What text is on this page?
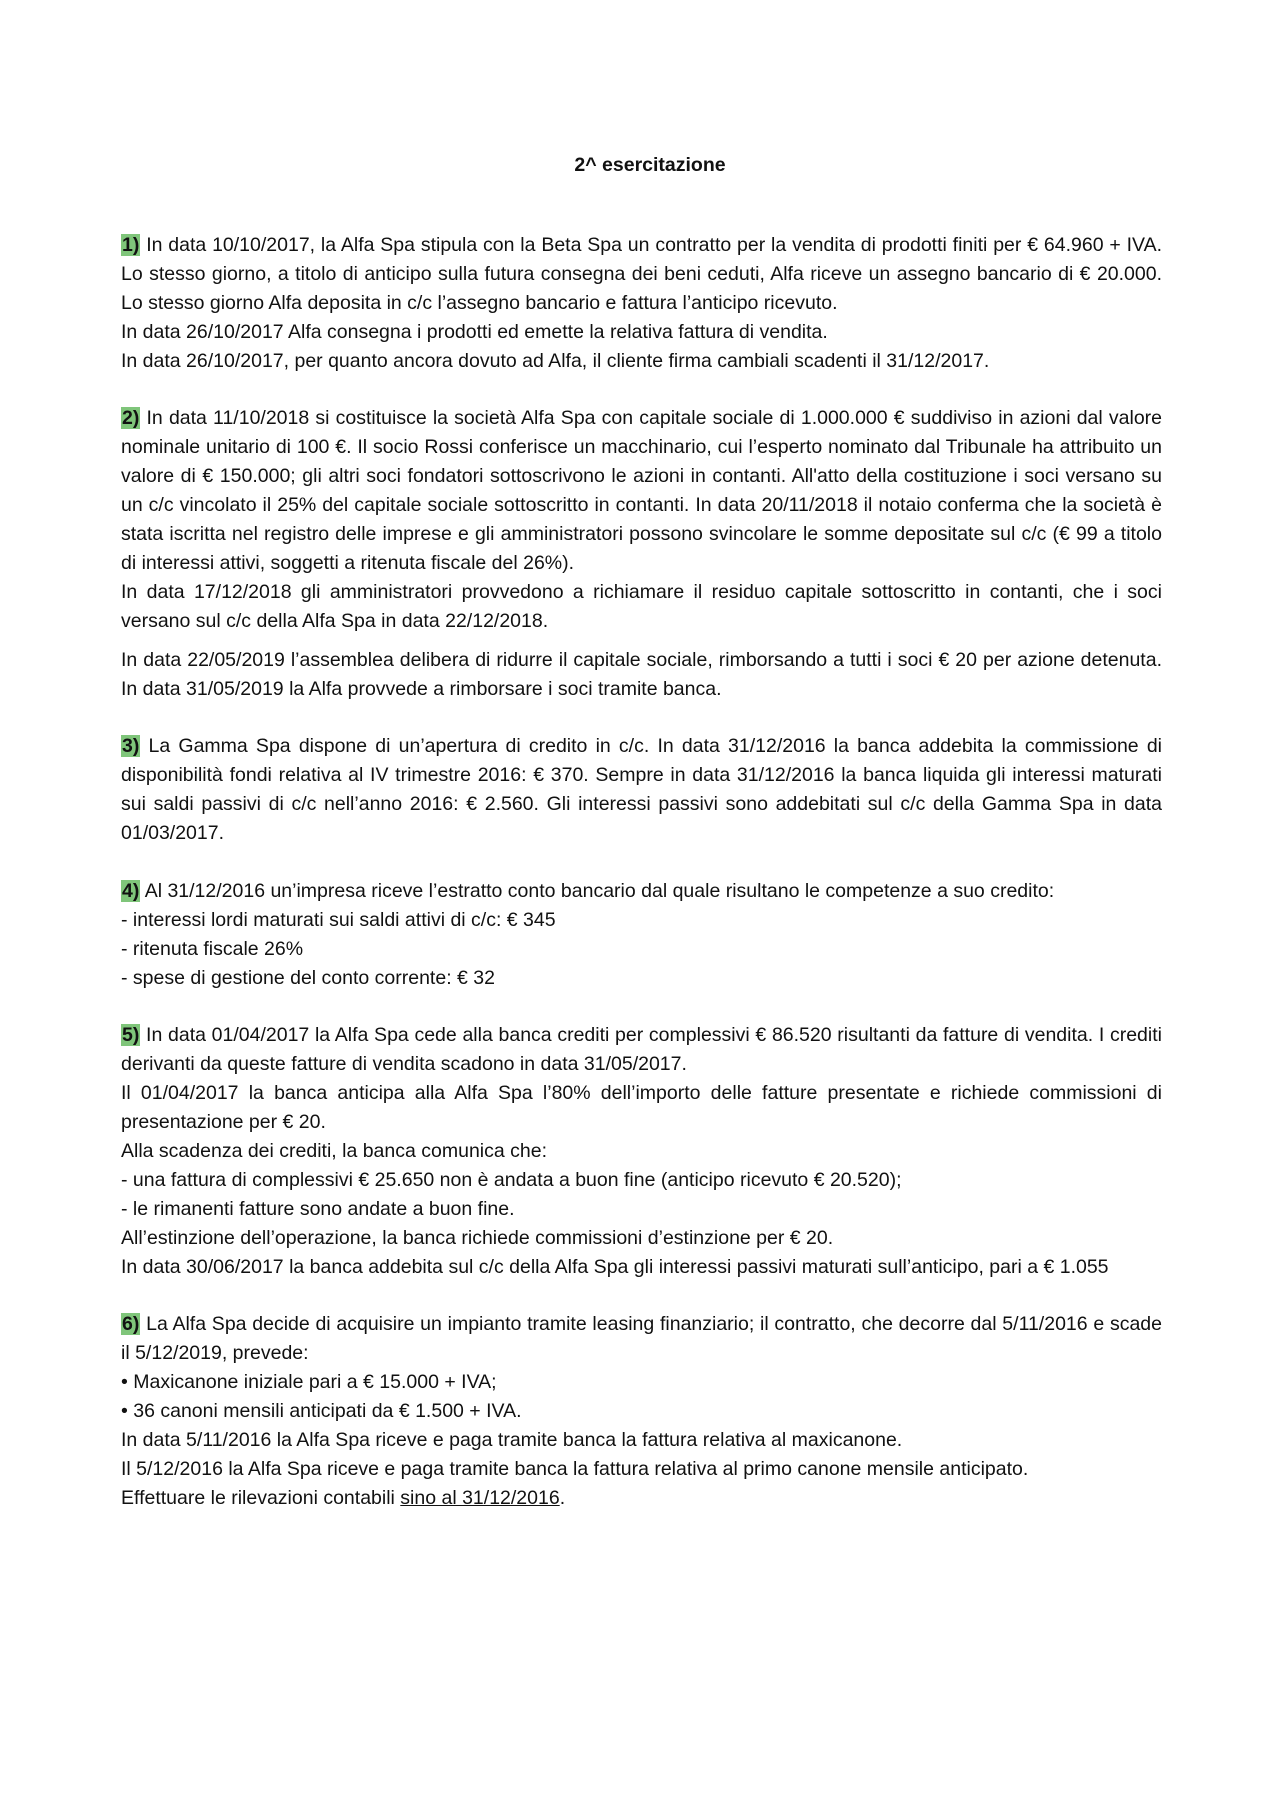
2^ esercitazione

1) In data 10/10/2017, la Alfa Spa stipula con la Beta Spa un contratto per la vendita di prodotti finiti per € 64.960 + IVA. Lo stesso giorno, a titolo di anticipo sulla futura consegna dei beni ceduti, Alfa riceve un assegno bancario di € 20.000. Lo stesso giorno Alfa deposita in c/c l’assegno bancario e fattura l’anticipo ricevuto.

In data 26/10/2017 Alfa consegna i prodotti ed emette la relativa fattura di vendita.

In data 26/10/2017, per quanto ancora dovuto ad Alfa, il cliente firma cambiali scadenti il 31/12/2017.

2) In data 11/10/2018 si costituisce la società Alfa Spa con capitale sociale di 1.000.000 € suddiviso in azioni dal valore nominale unitario di 100 €. Il socio Rossi conferisce un macchinario, cui l’esperto nominato dal Tribunale ha attribuito un valore di € 150.000; gli altri soci fondatori sottoscrivono le azioni in contanti. All'atto della costituzione i soci versano su un c/c vincolato il 25% del capitale sociale sottoscritto in contanti. In data 20/11/2018 il notaio conferma che la società è stata iscritta nel registro delle imprese e gli amministratori possono svincolare le somme depositate sul c/c (€ 99 a titolo di interessi attivi, soggetti a ritenuta fiscale del 26%).

In data 17/12/2018 gli amministratori provvedono a richiamare il residuo capitale sottoscritto in contanti, che i soci versano sul c/c della Alfa Spa in data 22/12/2018.

In data 22/05/2019 l’assemblea delibera di ridurre il capitale sociale, rimborsando a tutti i soci € 20 per azione detenuta. In data 31/05/2019 la Alfa provvede a rimborsare i soci tramite banca.

3) La Gamma Spa dispone di un’apertura di credito in c/c. In data 31/12/2016 la banca addebita la commissione di disponibilità fondi relativa al IV trimestre 2016: € 370. Sempre in data 31/12/2016 la banca liquida gli interessi maturati sui saldi passivi di c/c nell’anno 2016: € 2.560. Gli interessi passivi sono addebitati sul c/c della Gamma Spa in data 01/03/2017.

4) Al 31/12/2016 un’impresa riceve l’estratto conto bancario dal quale risultano le competenze a suo credito:

- interessi lordi maturati sui saldi attivi di c/c: € 345

- ritenuta fiscale 26%

- spese di gestione del conto corrente: € 32

5) In data 01/04/2017 la Alfa Spa cede alla banca crediti per complessivi € 86.520 risultanti da fatture di vendita. I crediti derivanti da queste fatture di vendita scadono in data 31/05/2017.

Il 01/04/2017 la banca anticipa alla Alfa Spa l’80% dell’importo delle fatture presentate e richiede commissioni di presentazione per € 20.

Alla scadenza dei crediti, la banca comunica che:

- una fattura di complessivi € 25.650 non è andata a buon fine (anticipo ricevuto € 20.520);

- le rimanenti fatture sono andate a buon fine.

All’estinzione dell’operazione, la banca richiede commissioni d’estinzione per € 20.

In data 30/06/2017 la banca addebita sul c/c della Alfa Spa gli interessi passivi maturati sull’anticipo, pari a € 1.055

6) La Alfa Spa decide di acquisire un impianto tramite leasing finanziario; il contratto, che decorre dal 5/11/2016 e scade il 5/12/2019, prevede:

• Maxicanone iniziale pari a € 15.000 + IVA;

• 36 canoni mensili anticipati da € 1.500 + IVA.

In data 5/11/2016 la Alfa Spa riceve e paga tramite banca la fattura relativa al maxicanone.

Il 5/12/2016 la Alfa Spa riceve e paga tramite banca la fattura relativa al primo canone mensile anticipato.

Effettuare le rilevazioni contabili sino al 31/12/2016.
